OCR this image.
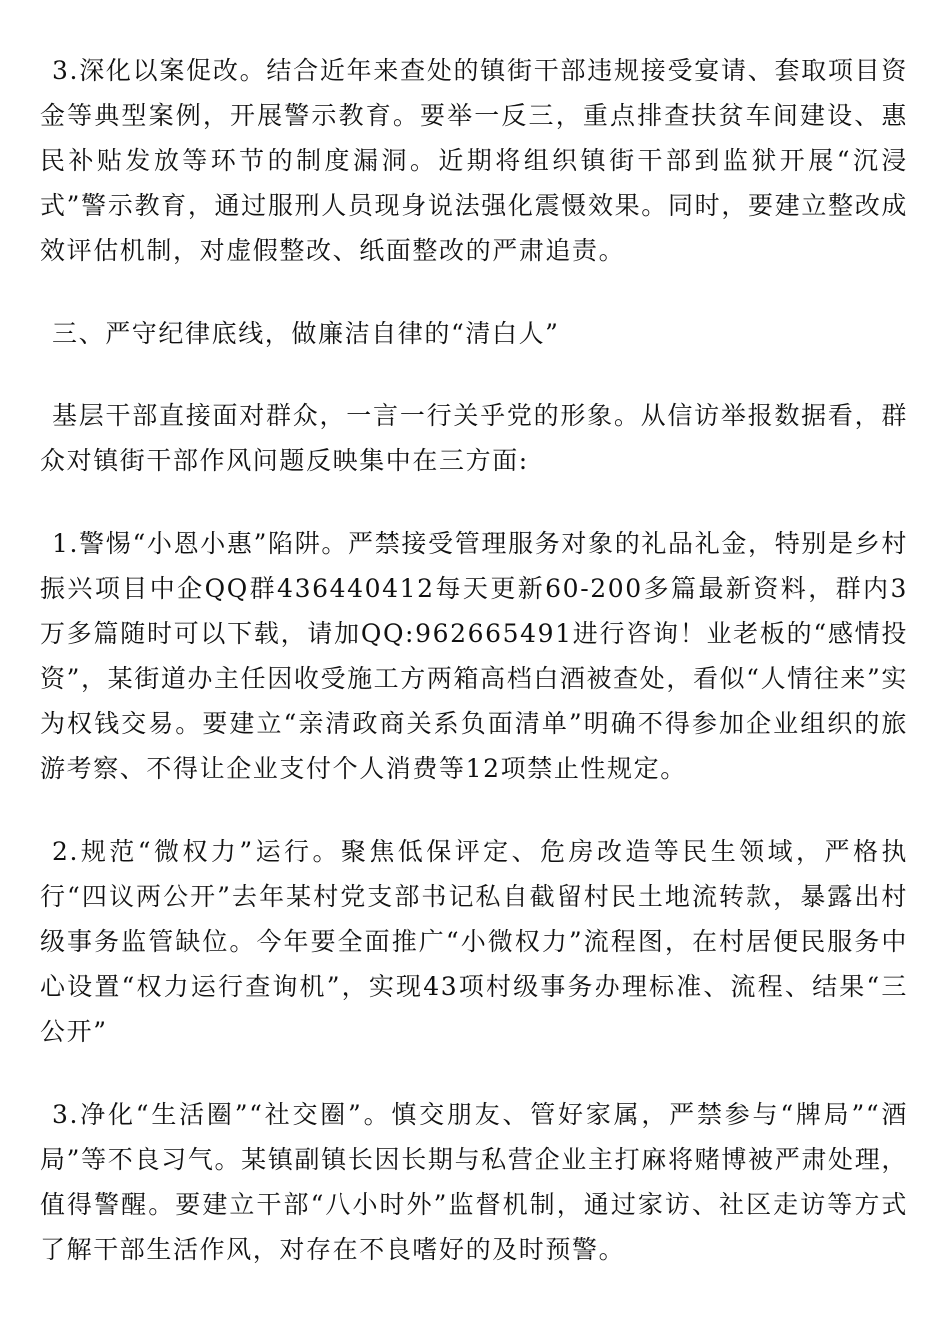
3.深化以案促改。结合近年来查处的镇街干部违规接受宴请、套取项目资金等典型案例，开展警示教育。要举一反三，重点排查扶贫车间建设、惠民补贴发放等环节的制度漏洞。近期将组织镇街干部到监狱开展“沉浸式”警示教育，通过服刑人员现身说法强化震慑效果。同时，要建立整改成效评估机制，对虚假整改、纸面整改的严肃追责。

三、严守纪律底线，做廉洁自律的“清白人”

基层干部直接面对群众，一言一行关乎党的形象。从信访举报数据看，群众对镇街干部作风问题反映集中在三方面:

1.警惕“小恩小惠”陷阱。严禁接受管理服务对象的礼品礼金，特别是乡村振兴项目中企QQ群436440412每天更新60-200多篇最新资料，群内3万多篇随时可以下载，请加QQ:962665491进行咨询！业老板的“感情投资”，某街道办主任因收受施工方两箱高档白酒被查处，看似“人情往来”实为权钱交易。要建立“亲清政商关系负面清单”明确不得参加企业组织的旅游考察、不得让企业支付个人消费等12项禁止性规定。

2.规范“微权力”运行。聚焦低保评定、危房改造等民生领域，严格执行“四议两公开”去年某村党支部书记私自截留村民土地流转款，暴露出村级事务监管缺位。今年要全面推广“小微权力”流程图，在村居便民服务中心设置“权力运行查询机”，实现43项村级事务办理标准、流程、结果“三公开”

3.净化“生活圈”“社交圈”。慎交朋友、管好家属，严禁参与“牌局”“酒局”等不良习气。某镇副镇长因长期与私营企业主打麻将赌博被严肃处理，值得警醒。要建立干部“八小时外”监督机制，通过家访、社区走访等方式了解干部生活作风，对存在不良嗜好的及时预警。
